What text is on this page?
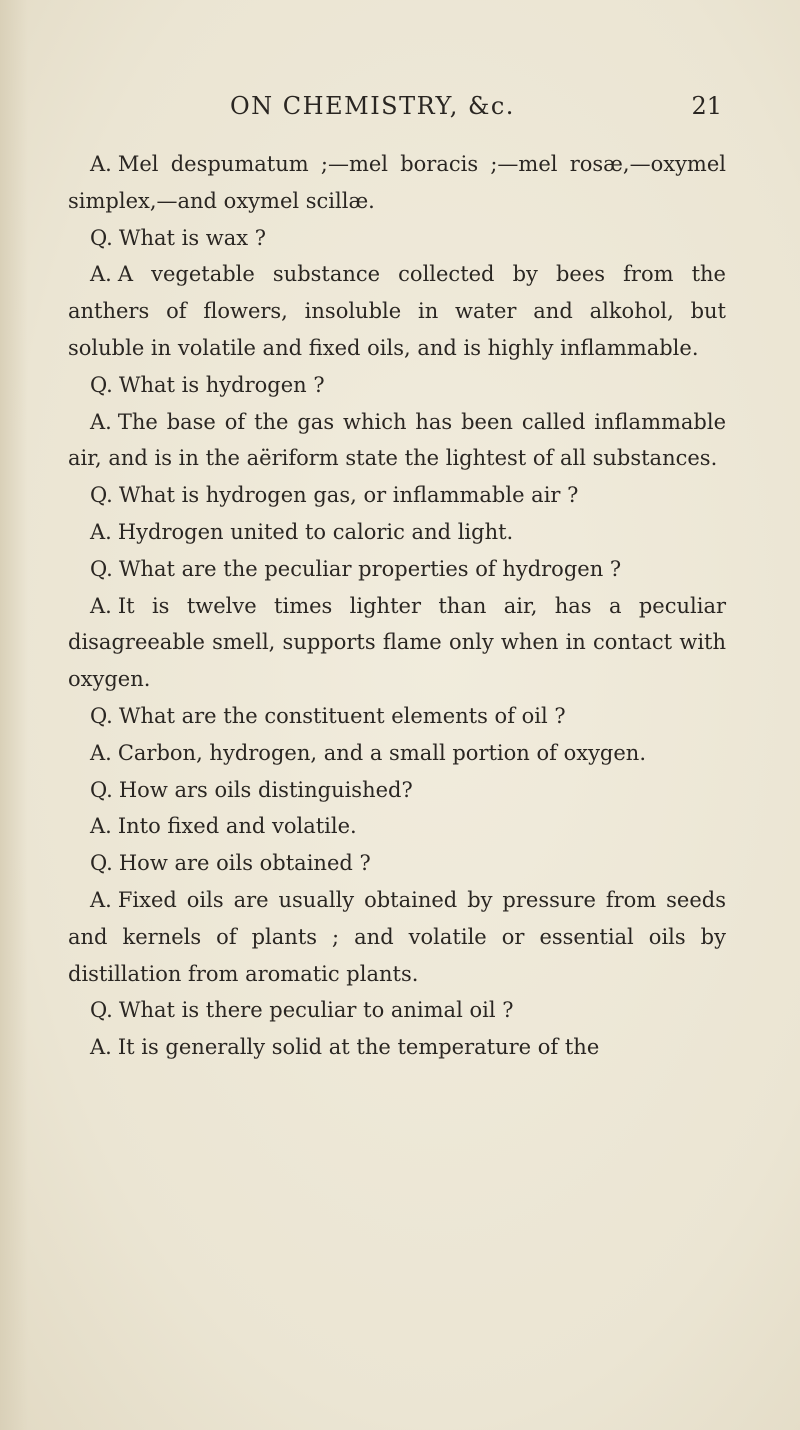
ON CHEMISTRY, &c.	21

A. Mel despumatum ;—mel boracis ;—mel rosæ,—oxymel simplex,—and oxymel scillæ.

Q. What is wax ?

A. A vegetable substance collected by bees from the anthers of flowers, insoluble in water and alkohol, but soluble in volatile and fixed oils, and is highly inflammable.

Q. What is hydrogen ?

A. The base of the gas which has been called inflammable air, and is in the aëriform state the lightest of all substances.

Q. What is hydrogen gas, or inflammable air ?

A. Hydrogen united to caloric and light.

Q. What are the peculiar properties of hydrogen ?

A. It is twelve times lighter than air, has a peculiar disagreeable smell, supports flame only when in contact with oxygen.

Q. What are the constituent elements of oil ?

A. Carbon, hydrogen, and a small portion of oxygen.

Q. How ars oils distinguished?

A. Into fixed and volatile.

Q. How are oils obtained ?

A. Fixed oils are usually obtained by pressure from seeds and kernels of plants ; and volatile or essential oils by distillation from aromatic plants.

Q. What is there peculiar to animal oil ?

A. It is generally solid at the temperature of the
